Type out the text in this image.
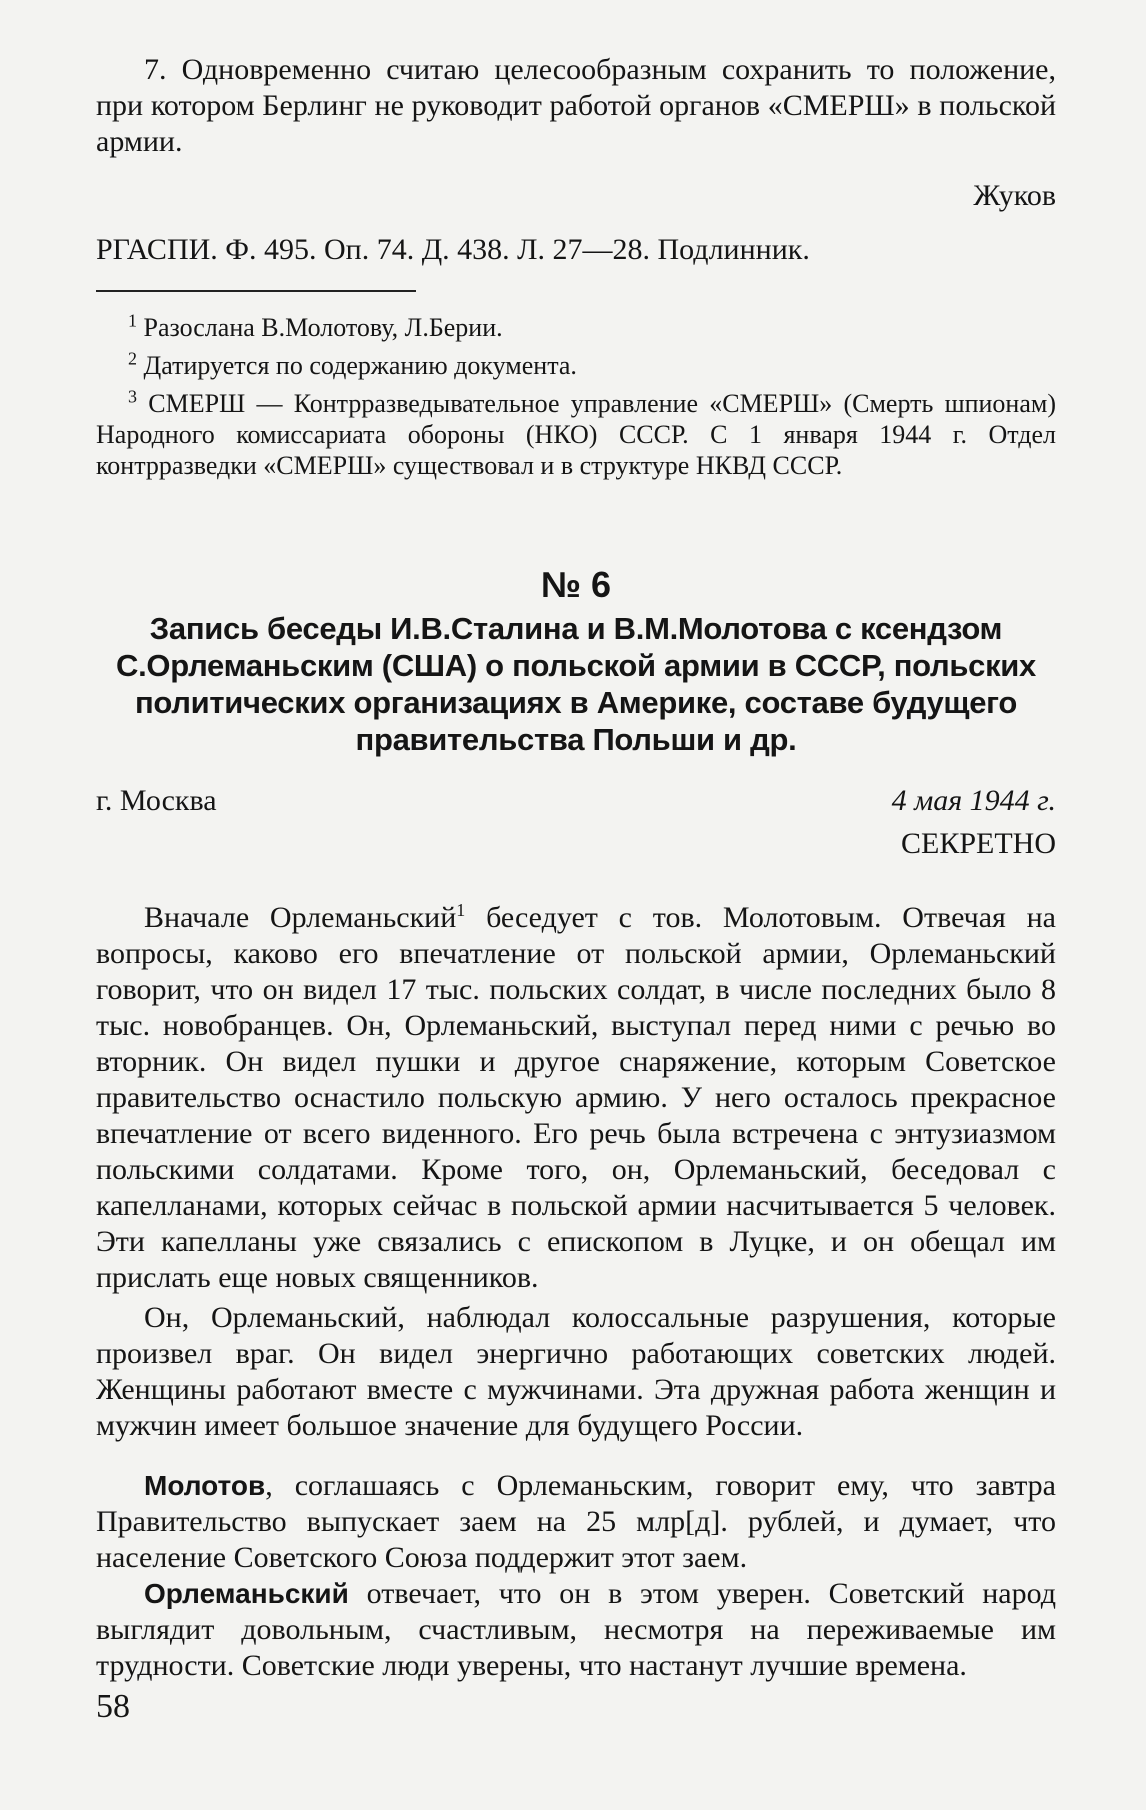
7. Одновременно считаю целесообразным сохранить то положение, при котором Берлинг не руководит работой органов «СМЕРШ» в польской армии.
Жуков
РГАСПИ. Ф. 495. Оп. 74. Д. 438. Л. 27—28. Подлинник.
$^1$ Разослана В.Молотову, Л.Берии.
$^2$ Датируется по содержанию документа.
$^3$ СМЕРШ — Контрразведывательное управление «СМЕРШ» (Смерть шпионам) Народного комиссариата обороны (НКО) СССР. С 1 января 1944 г. Отдел контрразведки «СМЕРШ» существовал и в структуре НКВД СССР.
№ 6
Запись беседы И.В.Сталина и В.М.Молотова с ксендзом С.Орлеманьским (США) о польской армии в СССР, польских политических организациях в Америке, составе будущего правительства Польши и др.
г. Москва	4 мая 1944 г.
СЕКРЕТНО
Вначале Орлеманьский$^1$ беседует с тов. Молотовым. Отвечая на вопросы, каково его впечатление от польской армии, Орлеманьский говорит, что он видел 17 тыс. польских солдат, в числе последних было 8 тыс. новобранцев. Он, Орлеманьский, выступал перед ними с речью во вторник. Он видел пушки и другое снаряжение, которым Советское правительство оснастило польскую армию. У него осталось прекрасное впечатление от всего виденного. Его речь была встречена с энтузиазмом польскими солдатами. Кроме того, он, Орлеманьский, беседовал с капелланами, которых сейчас в польской армии насчитывается 5 человек. Эти капелланы уже связались с епископом в Луцке, и он обещал им прислать еще новых священников.
Он, Орлеманьский, наблюдал колоссальные разрушения, которые произвел враг. Он видел энергично работающих советских людей. Женщины работают вместе с мужчинами. Эта дружная работа женщин и мужчин имеет большое значение для будущего России.
Молотов, соглашаясь с Орлеманьским, говорит ему, что завтра Правительство выпускает заем на 25 млр[д]. рублей, и думает, что население Советского Союза поддержит этот заем.
Орлеманьский отвечает, что он в этом уверен. Советский народ выглядит довольным, счастливым, несмотря на переживаемые им трудности. Советские люди уверены, что настанут лучшие времена.
58
